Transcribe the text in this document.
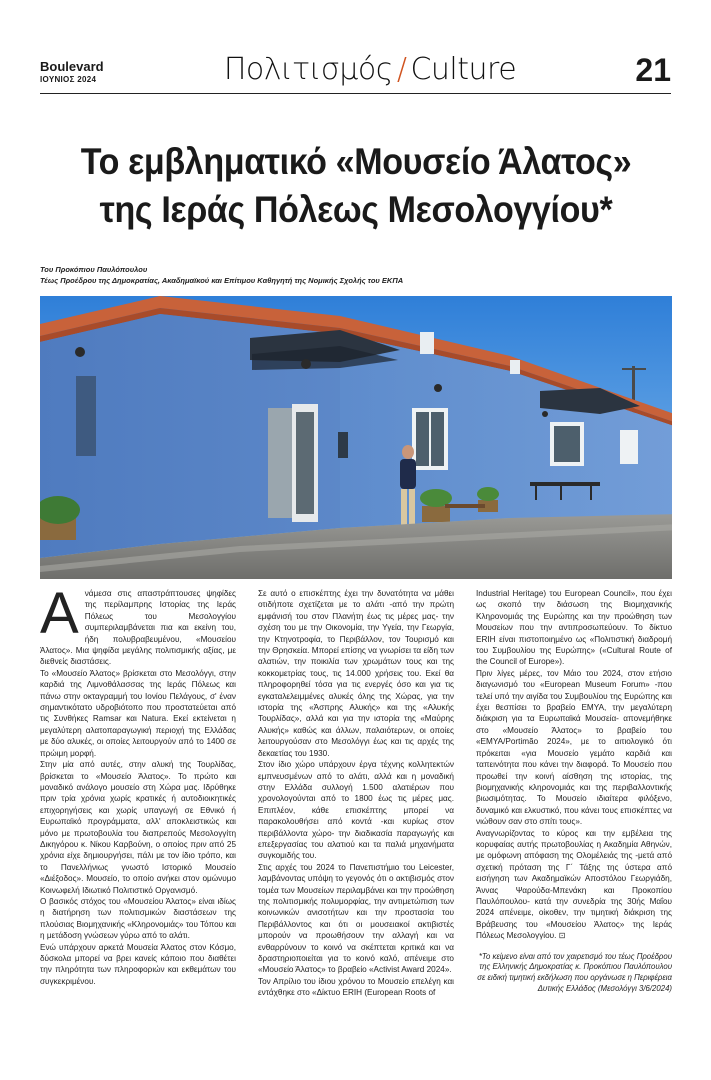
Boulevard
ΙΟΥΝΙΟΣ 2024	Πολιτισμός / Culture	21
Το εμβληματικό «Μουσείο Άλατος»
της Ιεράς Πόλεως Μεσολογγίου*
Του Προκόπιου Παυλόπουλου
Τέως Προέδρου της Δημοκρατίας, Ακαδημαϊκού και Επίτιμου Καθηγητή της Νομικής Σχολής του ΕΚΠΑ

Ανάμεσα στις απαστράπτουσες ψηφίδες της περίλαμπρης Ιστορίας της Ιεράς Πόλεως του Μεσολογγίου συμπεριλαμβάνεται πια και εκείνη του, ήδη πολυβραβευμένου, «Μουσείου Άλατος». Μια ψηφίδα μεγάλης πολιτισμικής αξίας, με διεθνείς διαστάσεις.

Το «Μουσείο Άλατος» βρίσκεται στο Μεσολόγγι, στην καρδιά της Λιμνοθάλασσας της Ιεράς Πόλεως και πάνω στην οκταγραμμή του Ιονίου Πελάγους, σ' έναν σημαντικότατο υδροβιότοπο που προστατεύεται από τις Συνθήκες Ramsar και Natura. Εκεί εκτείνεται η μεγαλύτερη αλατοπαραγωγική περιοχή της Ελλάδας με δύο αλυκές, οι οποίες λειτουργούν από το 1400 σε πρώιμη μορφή.

Στην μία από αυτές, στην αλυκή της Τουρλίδας, βρίσκεται το «Μουσείο Άλατος». Το πρώτο και μοναδικό ανάλογο μουσείο στη Χώρα μας. Ιδρύθηκε πριν τρία χρόνια χωρίς κρατικές ή αυτοδιοικητικές επιχορηγήσεις και χωρίς υπαγωγή σε Εθνικό ή Ευρωπαϊκό προγράμματα, αλλ' αποκλειστικώς και μόνο με πρωτοβουλία του διαπρεπούς Μεσολογγίτη Δικηγόρου κ. Νίκου Καρβούνη, ο οποίος πριν από 25 χρόνια είχε δημιουργήσει, πάλι με τον ίδιο τρόπο, και το Πανελλήνιως γνωστό Ιστορικό Μουσείο «Διέξοδος». Μουσείο, το οποίο ανήκει στον ομώνυμο Κοινωφελή Ιδιωτικό Πολιτιστικό Οργανισμό.

Ο βασικός στόχος του «Μουσείου Άλατος» είναι ιδίως η διατήρηση των πολιτισμικών διαστάσεων της πλούσιας Βιομηχανικής «Κληρονομιάς» του Τόπου και η μετάδοση γνώσεων γύρω από το αλάτι.

Ενώ υπάρχουν αρκετά Μουσεία Άλατος στον Κόσμο, δύσκολα μπορεί να βρει κανείς κάποιο που διαθέτει την πληρότητα των πληροφοριών και εκθεμάτων του συγκεκριμένου.

Σε αυτό ο επισκέπτης έχει την δυνατότητα να μάθει οτιδήποτε σχετίζεται με το αλάτι -από την πρώτη εμφάνισή του στον Πλανήτη έως τις μέρες μας- την σχέση του με την Οικονομία, την Υγεία, την Γεωργία, την Κτηνοτροφία, το Περιβάλλον, τον Τουρισμό και την Θρησκεία. Μπορεί επίσης να γνωρίσει τα είδη των αλατιών, την ποικιλία των χρωμάτων τους και της κοκκομετρίας τους, τις 14.000 χρήσεις του. Εκεί θα πληροφορηθεί τόσα για τις ενεργές όσο και για τις εγκαταλελειμμένες αλυκές όλης της Χώρας, για την ιστορία της «Άσπρης Αλυκής» και της «Αλυκής Τουρλίδας», αλλά και για την ιστορία της «Μαύρης Αλυκής» καθώς και άλλων, παλαιότερων, οι οποίες λειτουργούσαν στο Μεσολόγγι έως και τις αρχές της δεκαετίας του 1930.

Στον ίδιο χώρο υπάρχουν έργα τέχνης κολλητεκτών εμπνευσμένων από το αλάτι, αλλά και η μοναδική στην Ελλάδα συλλογή 1.500 αλατιέρων που χρονολογούνται από το 1800 έως τις μέρες μας. Επιπλέον, κάθε επισκέπτης μπορεί να παρακολουθήσει από κοντά -και κυρίως στον περιβάλλοντα χώρο- την διαδικασία παραγωγής και επεξεργασίας του αλατιού και τα παλιά μηχανήματα συγκομιδής του.

Στις αρχές του 2024 το Πανεπιστήμιο του Leicester, λαμβάνοντας υπόψη το γεγονός ότι ο ακτιβισμός στον τομέα των Μουσείων περιλαμβάνει και την προώθηση της πολιτισμικής πολυμορφίας, την αντιμετώπιση των κοινωνικών ανισοτήτων και την προστασία του Περιβάλλοντος και ότι οι μουσειακοί ακτιβιστές μπορούν να προωθήσουν την αλλαγή και να ενθαρρύνουν το κοινό να σκέπτεται κριτικά και να δραστηριοποιείται για το κοινό καλό, απένειμε στο «Μουσείο Άλατος» το βραβείο «Activist Award 2024».

Τον Απρίλιο του ίδιου χρόνου το Μουσείο επελέγη και εντάχθηκε στο «Δίκτυο ERIH (European Roots of

Industrial Heritage) του European Council», που έχει ως σκοπό την διάσωση της Βιομηχανικής Κληρονομιάς της Ευρώπης και την προώθηση των Μουσείων που την αντιπροσωπεύουν. Το δίκτυο ERIH είναι πιστοποιημένο ως «Πολιτιστική διαδρομή του Συμβουλίου της Ευρώπης» («Cultural Route of the Council of Europe»).

Πριν λίγες μέρες, τον Μάιο του 2024, στον ετήσιο διαγωνισμό του «European Museum Forum» -που τελεί υπό την αιγίδα του Συμβουλίου της Ευρώπης και έχει θεσπίσει το βραβείο EMYA, την μεγαλύτερη διάκριση για τα Ευρωπαϊκά Μουσεία- απονεμήθηκε στο «Μουσείο Άλατος» το βραβείο του «EMYA/Portimão 2024», με το αιτιολογικό ότι πρόκειται «για Μουσείο γεμάτο καρδιά και ταπεινότητα που κάνει την διαφορά. Το Μουσείο που προωθεί την κοινή αίσθηση της ιστορίας, της βιομηχανικής κληρονομιάς και της περιβαλλοντικής βιωσιμότητας. Το Μουσείο ιδιαίτερα φιλόξενο, δυναμικό και ελκυστικό, που κάνει τους επισκέπτες να νιώθουν σαν στο σπίτι τους».

Αναγνωρίζοντας το κύρος και την εμβέλεια της κορυφαίας αυτής πρωτοβουλίας η Ακαδημία Αθηνών, με ομόφωνη απόφαση της Ολομέλειάς της -μετά από σχετική πρόταση της Γ΄ Τάξης της ύστερα από εισήγηση των Ακαδημαϊκών Αποστόλου Γεωργιάδη, Άννας Ψαρούδα-Μπενάκη και Προκοπίου Παυλόπουλου- κατά την συνεδρία της 30ής Μαΐου 2024 απένειμε, οίκοθεν, την τιμητική διάκριση της Βράβευσης του «Μουσείου Άλατος» της Ιεράς Πόλεως Μεσολογγίου. ⊡

*Το κείμενο είναι από τον χαιρετισμό του τέως Προέδρου της Ελληνικής Δημοκρατίας κ. Προκόπιου Παυλόπουλου σε ειδική τιμητική εκδήλωση που οργάνωσε η Περιφέρεια Δυτικής Ελλάδος (Μεσολόγγι 3/6/2024)
